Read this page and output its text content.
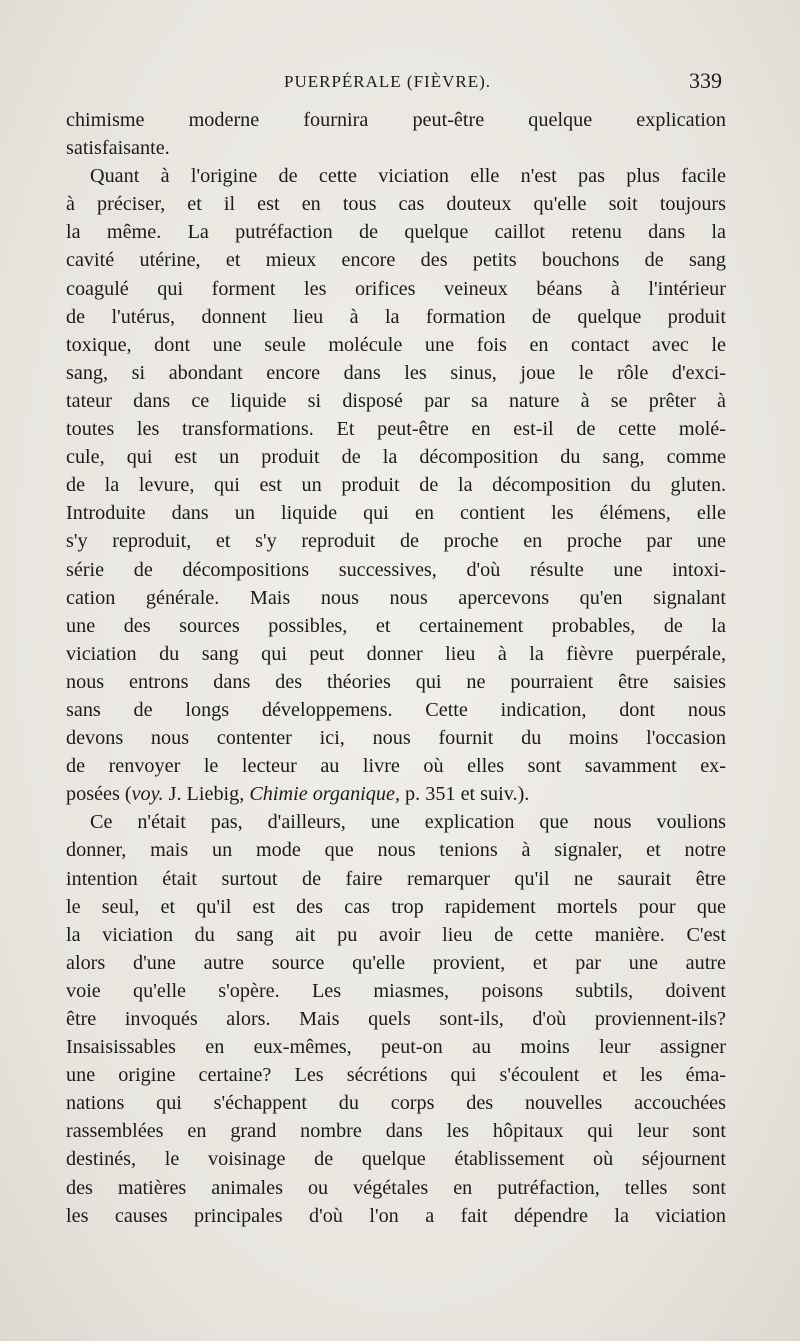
PUERPÉRALE (FIÈVRE).	339
chimisme moderne fournira peut-être quelque explication
satisfaisante.
Quant à l'origine de cette viciation elle n'est pas plus facile
à préciser, et il est en tous cas douteux qu'elle soit toujours
la même. La putréfaction de quelque caillot retenu dans la
cavité utérine, et mieux encore des petits bouchons de sang
coagulé qui forment les orifices veineux béans à l'intérieur
de l'utérus, donnent lieu à la formation de quelque produit
toxique, dont une seule molécule une fois en contact avec le
sang, si abondant encore dans les sinus, joue le rôle d'exci-
tateur dans ce liquide si disposé par sa nature à se prêter à
toutes les transformations. Et peut-être en est-il de cette molé-
cule, qui est un produit de la décomposition du sang, comme
de la levure, qui est un produit de la décomposition du gluten.
Introduite dans un liquide qui en contient les élémens, elle
s'y reproduit, et s'y reproduit de proche en proche par une
série de décompositions successives, d'où résulte une intoxi-
cation générale. Mais nous nous apercevons qu'en signalant
une des sources possibles, et certainement probables, de la
viciation du sang qui peut donner lieu à la fièvre puerpérale,
nous entrons dans des théories qui ne pourraient être saisies
sans de longs développemens. Cette indication, dont nous
devons nous contenter ici, nous fournit du moins l'occasion
de renvoyer le lecteur au livre où elles sont savamment ex-
posées (voy. J. Liebig, Chimie organique, p. 351 et suiv.).
Ce n'était pas, d'ailleurs, une explication que nous voulions
donner, mais un mode que nous tenions à signaler, et notre
intention était surtout de faire remarquer qu'il ne saurait être
le seul, et qu'il est des cas trop rapidement mortels pour que
la viciation du sang ait pu avoir lieu de cette manière. C'est
alors d'une autre source qu'elle provient, et par une autre
voie qu'elle s'opère. Les miasmes, poisons subtils, doivent
être invoqués alors. Mais quels sont-ils, d'où proviennent-ils?
Insaisissables en eux-mêmes, peut-on au moins leur assigner
une origine certaine? Les sécrétions qui s'écoulent et les éma-
nations qui s'échappent du corps des nouvelles accouchées
rassemblées en grand nombre dans les hôpitaux qui leur sont
destinés, le voisinage de quelque établissement où séjournent
des matières animales ou végétales en putréfaction, telles sont
les causes principales d'où l'on a fait dépendre la viciation
